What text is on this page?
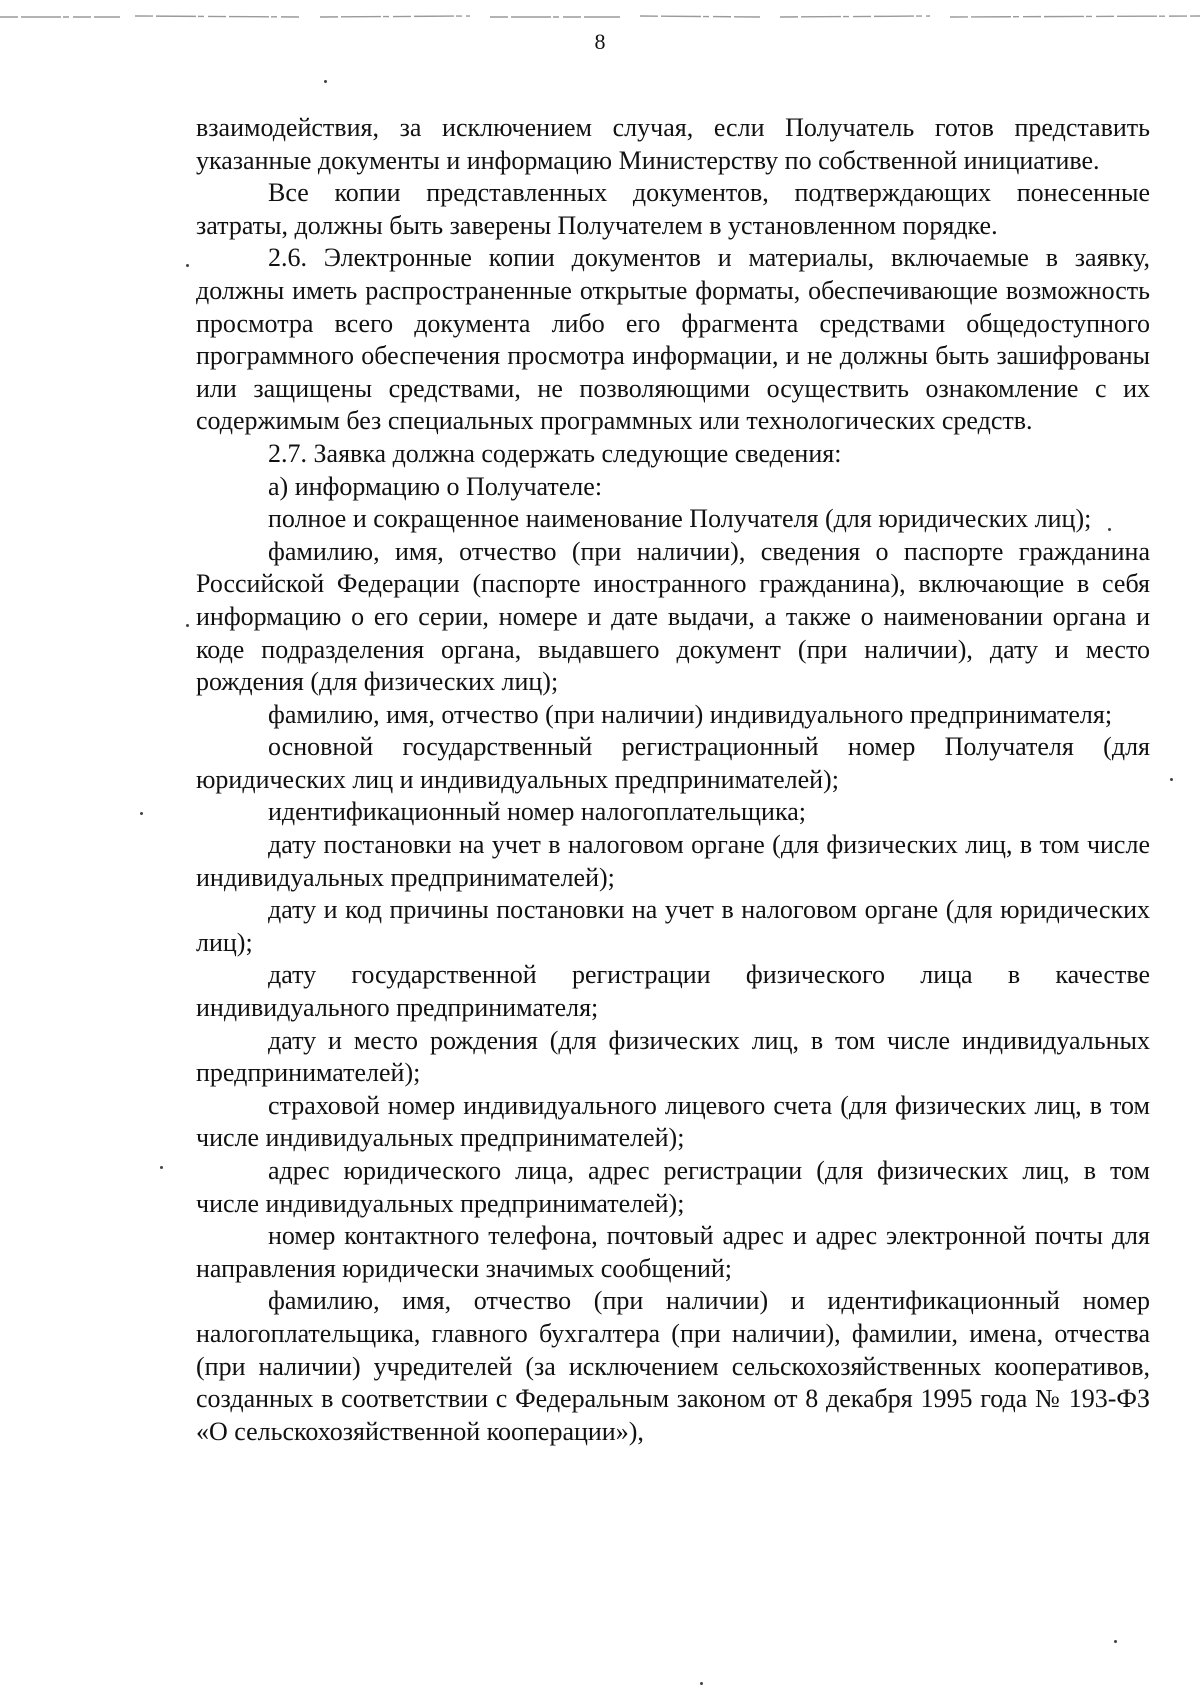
8

взаимодействия, за исключением случая, если Получатель готов представить указанные документы и информацию Министерству по собственной инициативе.

Все копии представленных документов, подтверждающих понесенные затраты, должны быть заверены Получателем в установленном порядке.

2.6. Электронные копии документов и материалы, включаемые в заявку, должны иметь распространенные открытые форматы, обеспечивающие возможность просмотра всего документа либо его фрагмента средствами общедоступного программного обеспечения просмотра информации, и не должны быть зашифрованы или защищены средствами, не позволяющими осуществить ознакомление с их содержимым без специальных программных или технологических средств.

2.7. Заявка должна содержать следующие сведения:

а) информацию о Получателе:

полное и сокращенное наименование Получателя (для юридических лиц);

фамилию, имя, отчество (при наличии), сведения о паспорте гражданина Российской Федерации (паспорте иностранного гражданина), включающие в себя информацию о его серии, номере и дате выдачи, а также о наименовании органа и коде подразделения органа, выдавшего документ (при наличии), дату и место рождения (для физических лиц);

фамилию, имя, отчество (при наличии) индивидуального предпринимателя;

основной государственный регистрационный номер Получателя (для юридических лиц и индивидуальных предпринимателей);

идентификационный номер налогоплательщика;

дату постановки на учет в налоговом органе (для физических лиц, в том числе индивидуальных предпринимателей);

дату и код причины постановки на учет в налоговом органе (для юридических лиц);

дату государственной регистрации физического лица в качестве индивидуального предпринимателя;

дату и место рождения (для физических лиц, в том числе индивидуальных предпринимателей);

страховой номер индивидуального лицевого счета (для физических лиц, в том числе индивидуальных предпринимателей);

адрес юридического лица, адрес регистрации (для физических лиц, в том числе индивидуальных предпринимателей);

номер контактного телефона, почтовый адрес и адрес электронной почты для направления юридически значимых сообщений;

фамилию, имя, отчество (при наличии) и идентификационный номер налогоплательщика, главного бухгалтера (при наличии), фамилии, имена, отчества (при наличии) учредителей (за исключением сельскохозяйственных кооперативов, созданных в соответствии с Федеральным законом от 8 декабря 1995 года № 193-ФЗ «О сельскохозяйственной кооперации»),
